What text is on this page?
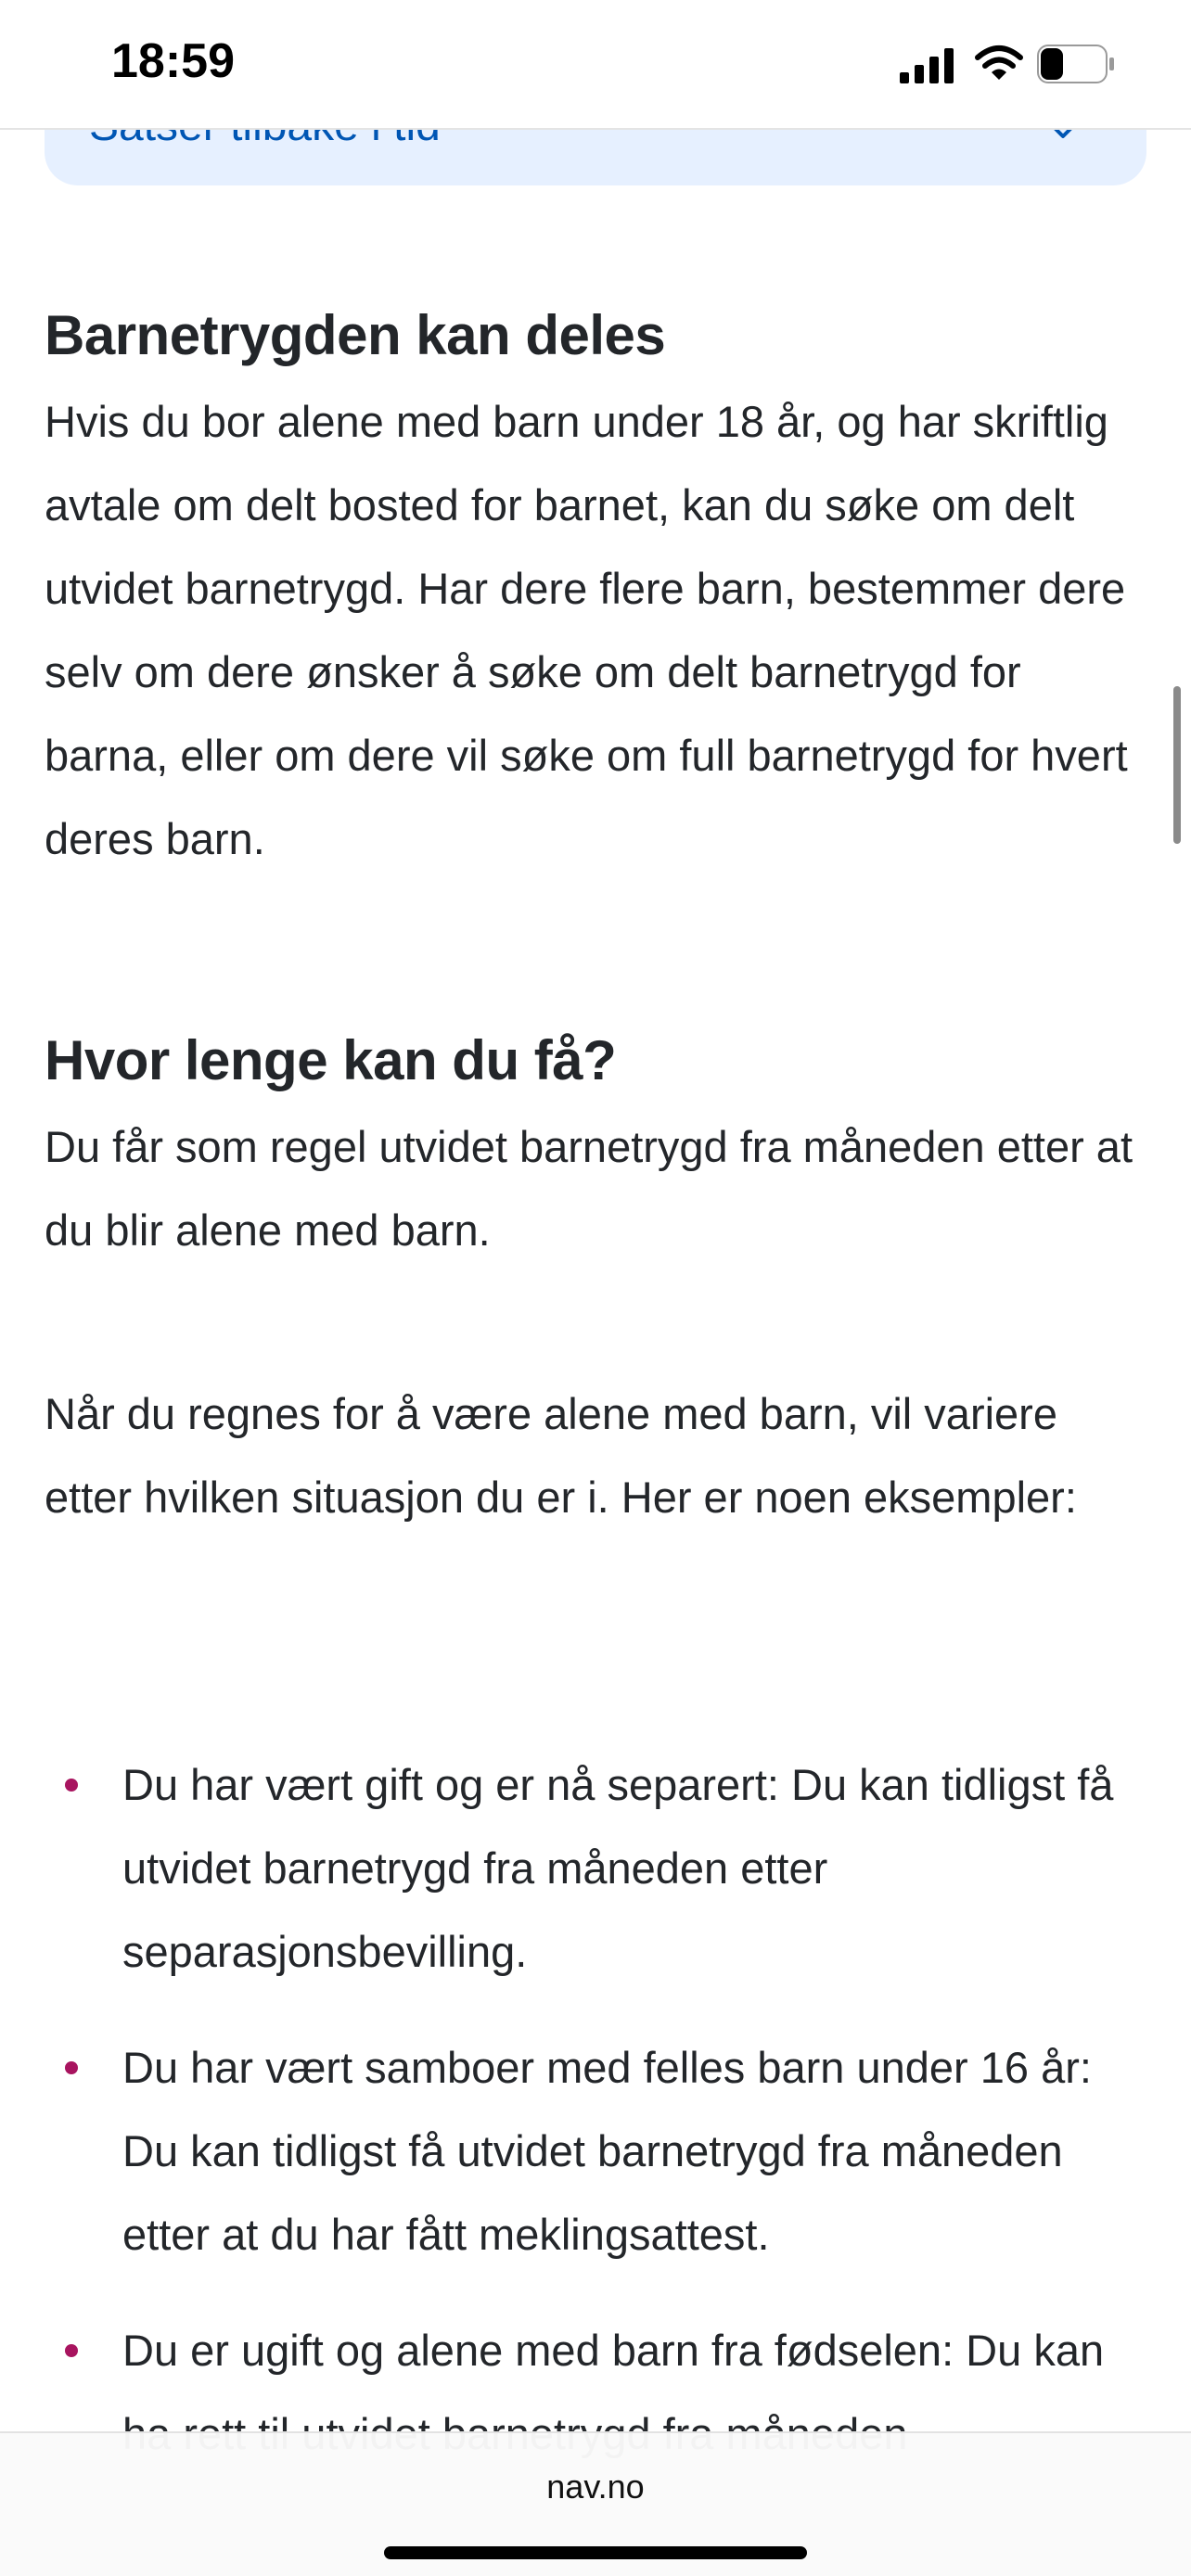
Barnetrygden kan deles

Hvis du bor alene med barn under 18 år, og har skriftlig avtale om delt bosted for barnet, kan du søke om delt utvidet barnetrygd. Har dere flere barn, bestemmer dere selv om dere ønsker å søke om delt barnetrygd for barna, eller om dere vil søke om full barnetrygd for hvert deres barn.

Hvor lenge kan du få?

Du får som regel utvidet barnetrygd fra måneden etter at du blir alene med barn.

Når du regnes for å være alene med barn, vil variere etter hvilken situasjon du er i. Her er noen eksempler:

Du har vært gift og er nå separert: Du kan tidligst få utvidet barnetrygd fra måneden etter separasjonsbevilling.
Du har vært samboer med felles barn under 16 år: Du kan tidligst få utvidet barnetrygd fra måneden etter at du har fått meklingsattest.
Du er ugift og alene med barn fra fødselen: Du kan
18:59	29
nav.no
